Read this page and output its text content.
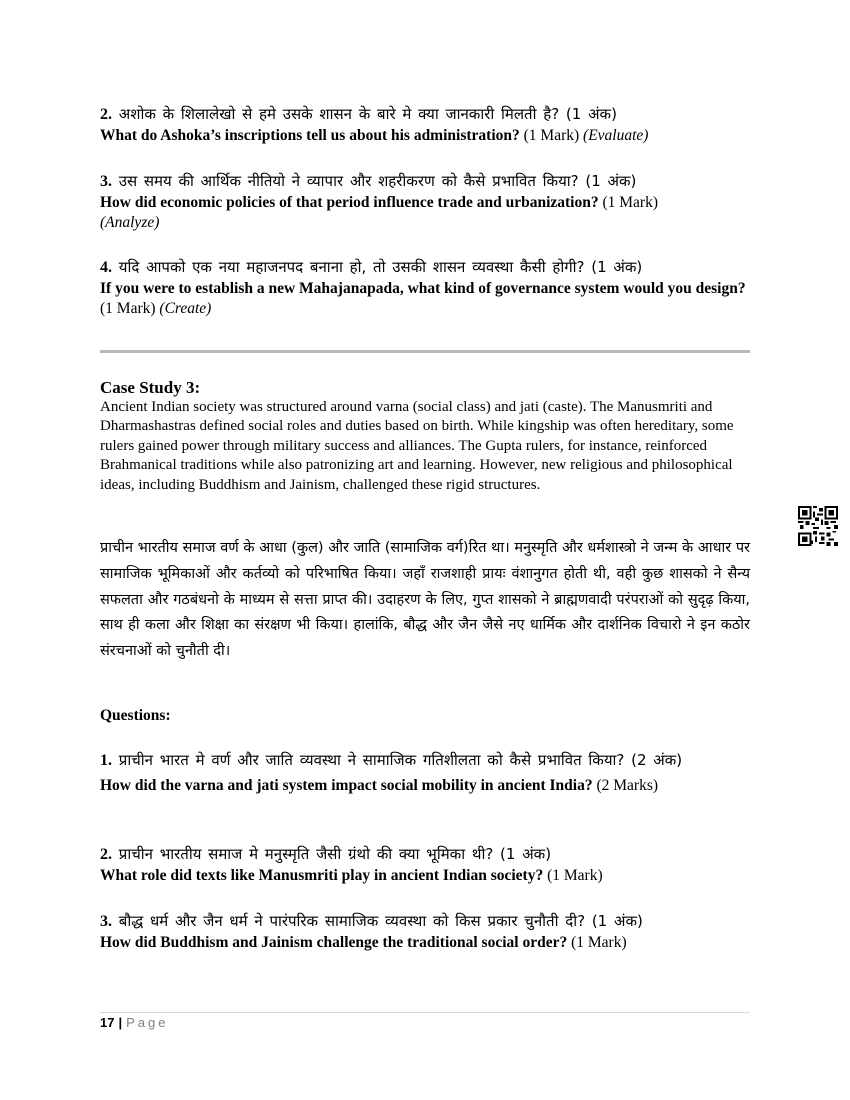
2. अशोक के शिलालेखो से हमे उसके शासन के बारे मे क्या जानकारी मिलती है? (1 अंक)
What do Ashoka’s inscriptions tell us about his administration? (1 Mark) (Evaluate)
3. उस समय की आर्थिक नीतियो ने व्यापार और शहरीकरण को कैसे प्रभावित किया? (1 अंक)
How did economic policies of that period influence trade and urbanization? (1 Mark)
(Analyze)
4. यदि आपको एक नया महाजनपद बनाना हो, तो उसकी शासन व्यवस्था कैसी होगी? (1 अंक)
If you were to establish a new Mahajanapada, what kind of governance system would you design? (1 Mark) (Create)
Case Study 3:
Ancient Indian society was structured around varna (social class) and jati (caste). The Manusmriti and Dharmashastras defined social roles and duties based on birth. While kingship was often hereditary, some rulers gained power through military success and alliances. The Gupta rulers, for instance, reinforced Brahmanical traditions while also patronizing art and learning. However, new religious and philosophical ideas, including Buddhism and Jainism, challenged these rigid structures.
प्राचीन भारतीय समाज वर्ण के आधा (कुल) और जाति (सामाजिक वर्ग)रित था। मनुस्मृति और धर्मशास्त्रो ने जन्म के आधार पर सामाजिक भूमिकाओं और कर्तव्यो को परिभाषित किया। जहाँ राजशाही प्रायः वंशानुगत होती थी, वही कुछ शासको ने सैन्य सफलता और गठबंधनो के माध्यम से सत्ता प्राप्त की। उदाहरण के लिए, गुप्त शासको ने ब्राह्मणवादी परंपराओं को सुदृढ़ किया, साथ ही कला और शिक्षा का संरक्षण भी किया। हालांकि, बौद्ध और जैन जैसे नए धार्मिक और दार्शनिक विचारो ने इन कठोर संरचनाओं को चुनौती दी।
Questions:
1. प्राचीन भारत मे वर्ण और जाति व्यवस्था ने सामाजिक गतिशीलता को कैसे प्रभावित किया? (2 अंक)
How did the varna and jati system impact social mobility in ancient India? (2 Marks)
2. प्राचीन भारतीय समाज मे मनुस्मृति जैसी ग्रंथो की क्या भूमिका थी? (1 अंक)
What role did texts like Manusmriti play in ancient Indian society? (1 Mark)
3. बौद्ध धर्म और जैन धर्म ने पारंपरिक सामाजिक व्यवस्था को किस प्रकार चुनौती दी? (1 अंक)
How did Buddhism and Jainism challenge the traditional social order? (1 Mark)
17 | Page
